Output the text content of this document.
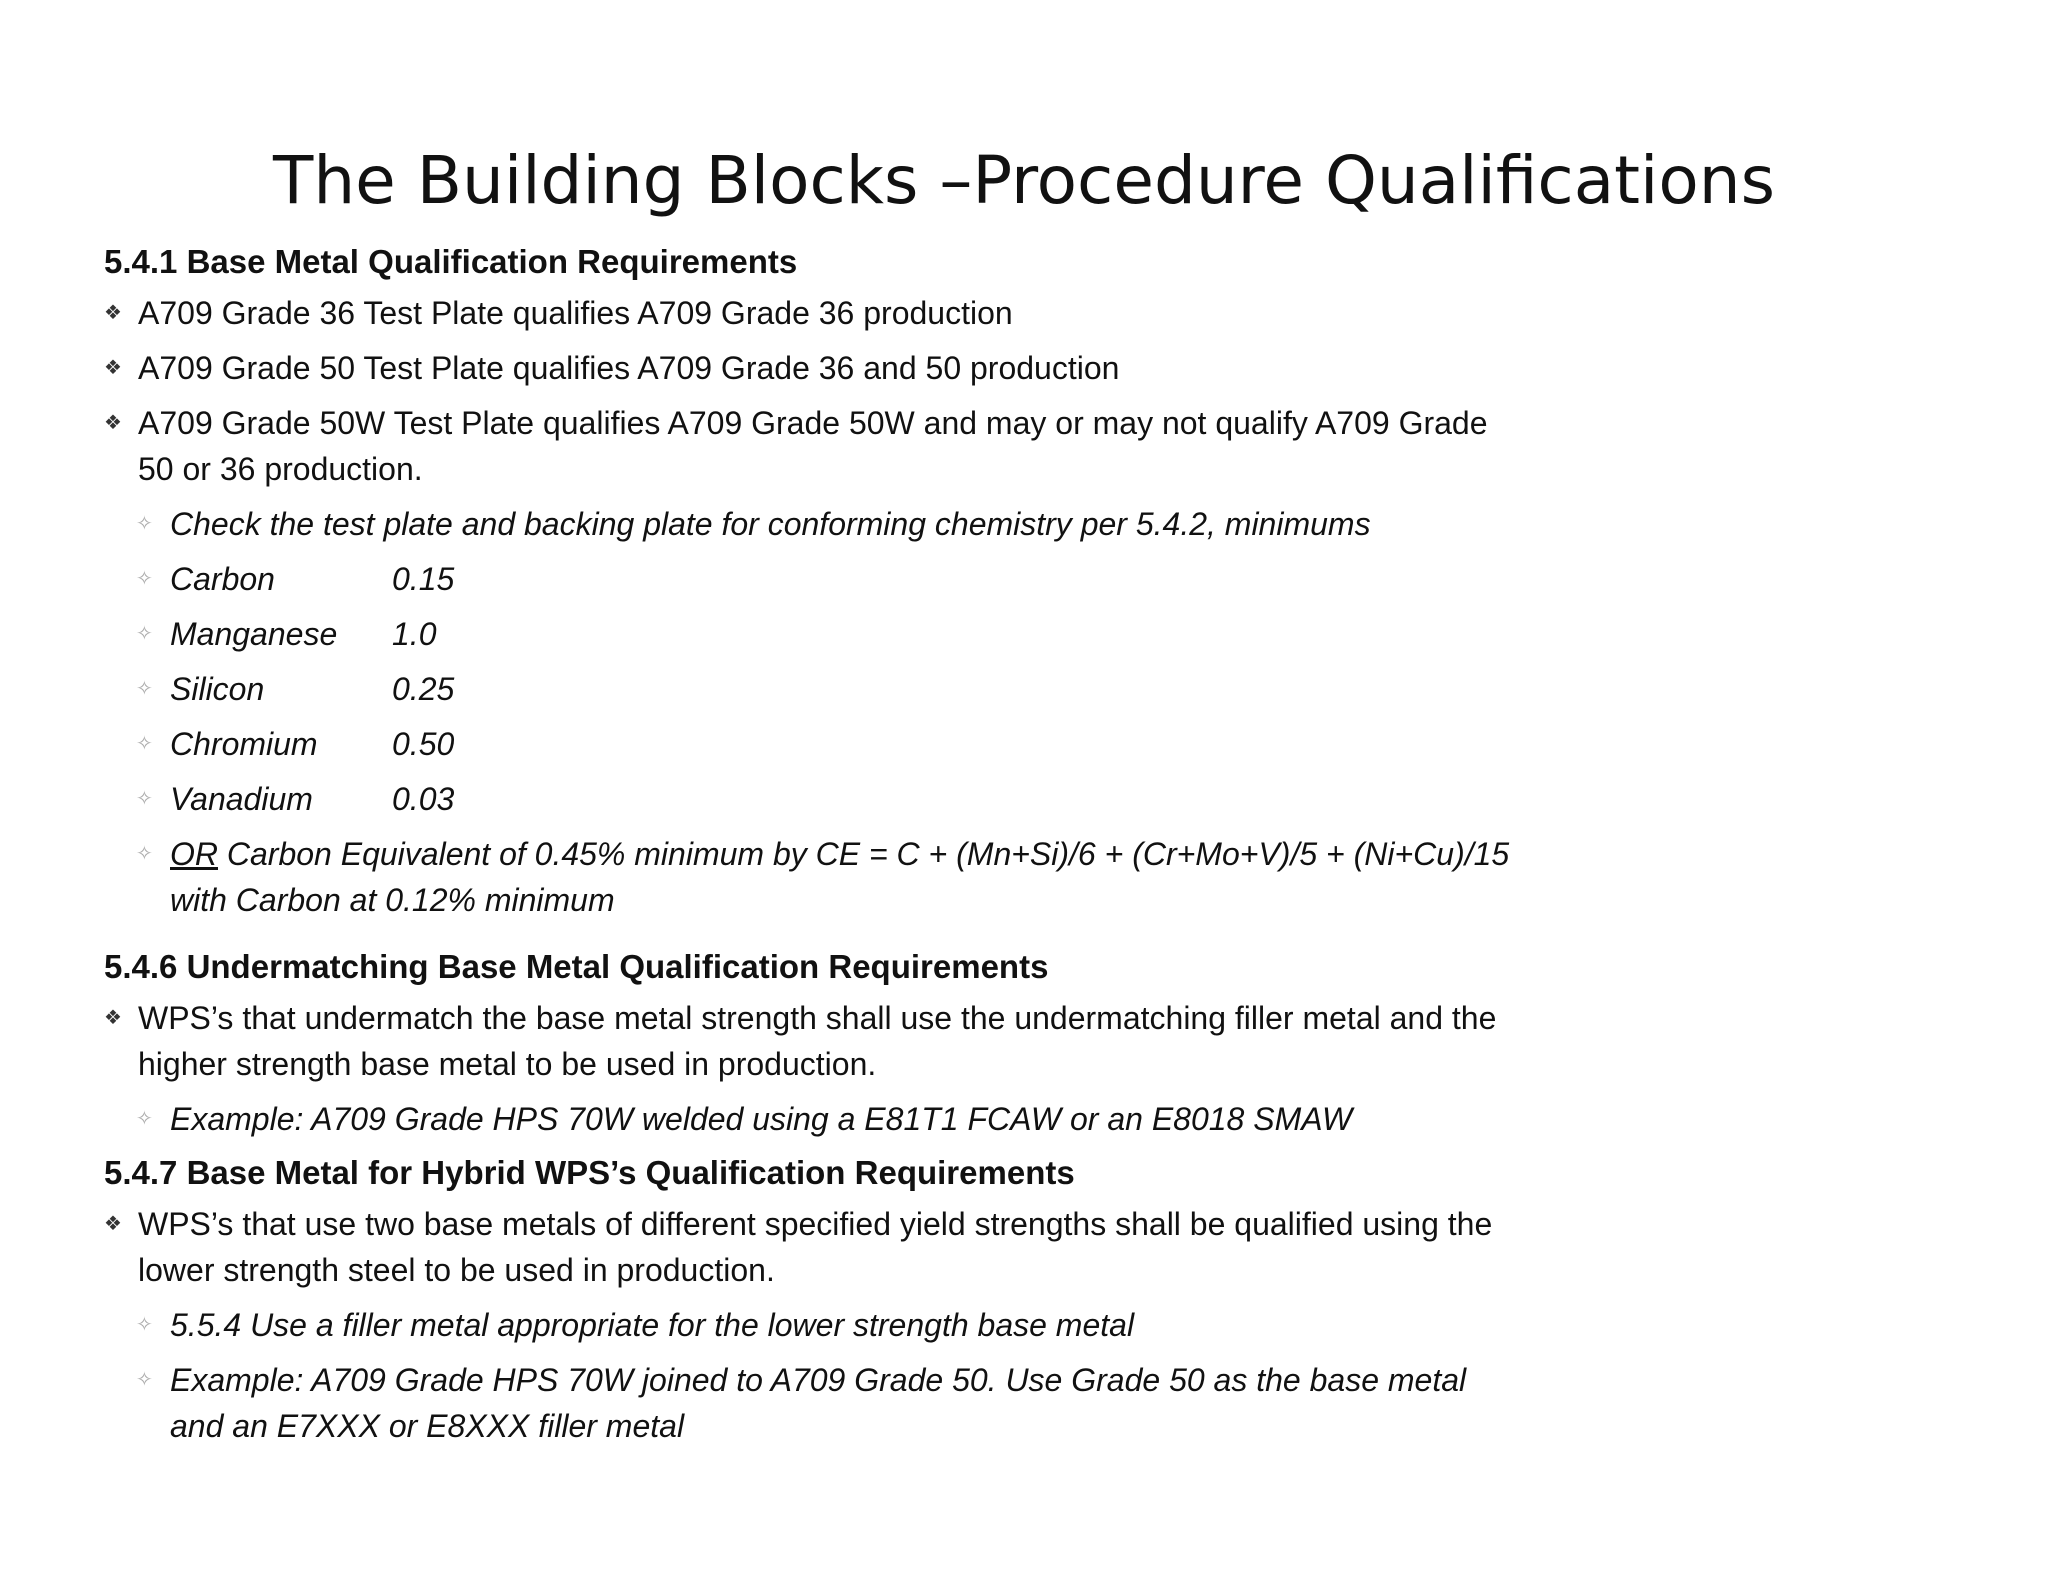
The Building Blocks –Procedure Qualifications
5.4.1 Base Metal Qualification Requirements
❖ A709 Grade 36 Test Plate qualifies A709 Grade 36 production
❖ A709 Grade 50 Test Plate qualifies A709 Grade 36 and 50 production
❖ A709 Grade 50W Test Plate qualifies A709 Grade 50W and may or may not qualify A709 Grade 50 or 36 production.
✧ Check the test plate and backing plate for conforming chemistry per 5.4.2, minimums
✧ Carbon	0.15
✧ Manganese 1.0
✧ Silicon	0.25
✧ Chromium 0.50
✧ Vanadium 0.03
✧ OR Carbon Equivalent of 0.45% minimum by CE = C + (Mn+Si)/6 + (Cr+Mo+V)/5 + (Ni+Cu)/15 with Carbon at 0.12% minimum
5.4.6 Undermatching Base Metal Qualification Requirements
❖ WPS’s that undermatch the base metal strength shall use the undermatching filler metal and the higher strength base metal to be used in production.
✧ Example: A709 Grade HPS 70W welded using a E81T1 FCAW or an E8018 SMAW
5.4.7 Base Metal for Hybrid WPS’s Qualification Requirements
❖ WPS’s that use two base metals of different specified yield strengths shall be qualified using the lower strength steel to be used in production.
✧ 5.5.4 Use a filler metal appropriate for the lower strength base metal
✧ Example: A709 Grade HPS 70W joined to A709 Grade 50. Use Grade 50 as the base metal and an E7XXX or E8XXX filler metal
